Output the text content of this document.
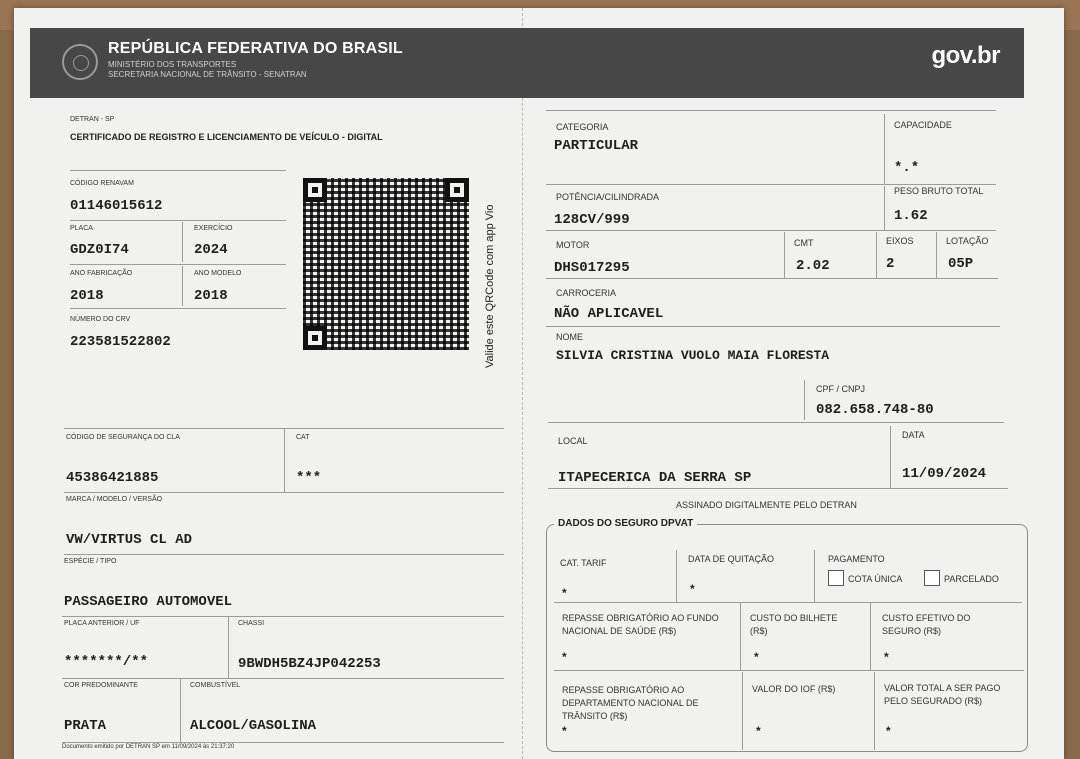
REPÚBLICA FEDERATIVA DO BRASIL
MINISTÉRIO DOS TRANSPORTES
SECRETARIA NACIONAL DE TRÂNSITO - SENATRAN
gov.br
DETRAN - SP
CERTIFICADO DE REGISTRO E LICENCIAMENTO DE VEÍCULO - DIGITAL
CÓDIGO RENAVAM
01146015612
PLACA
GDZ0I74
EXERCÍCIO
2024
ANO FABRICAÇÃO
2018
ANO MODELO
2018
NÚMERO DO CRV
223581522802	Valide este QRCode com app Vio
CÓDIGO DE SEGURANÇA DO CLA
45386421885
CAT
***
MARCA / MODELO / VERSÃO
VW/VIRTUS CL AD
ESPÉCIE / TIPO
PASSAGEIRO AUTOMOVEL
PLACA ANTERIOR / UF
*******/**
CHASSI
9BWDH5BZ4JP042253
COR PREDOMINANTE
PRATA
COMBUSTÍVEL
ALCOOL/GASOLINA
Documento emitido por DETRAN SP em 11/09/2024 às 21:37:20
CATEGORIA
PARTICULAR
CAPACIDADE
*.*
POTÊNCIA/CILINDRADA
128CV/999
PESO BRUTO TOTAL
1.62
MOTOR
DHS017295
CMT
2.02
EIXOS
2
LOTAÇÃO
05P
CARROCERIA
NÃO APLICAVEL
NOME
SILVIA CRISTINA VUOLO MAIA FLORESTA
CPF / CNPJ
082.658.748-80
LOCAL
ITAPECERICA DA SERRA SP
DATA
11/09/2024
ASSINADO DIGITALMENTE PELO DETRAN
DADOS DO SEGURO DPVAT
CAT. TARIF
*
DATA DE QUITAÇÃO
*
PAGAMENTO
COTA ÚNICA	PARCELADO
REPASSE OBRIGATÓRIO AO FUNDO NACIONAL DE SAÚDE (R$)
*
CUSTO DO BILHETE (R$)
*
CUSTO EFETIVO DO SEGURO (R$)
*
REPASSE OBRIGATÓRIO AO DEPARTAMENTO NACIONAL DE TRÂNSITO (R$)
*
VALOR DO IOF (R$)
*
VALOR TOTAL A SER PAGO PELO SEGURADO (R$)
*
